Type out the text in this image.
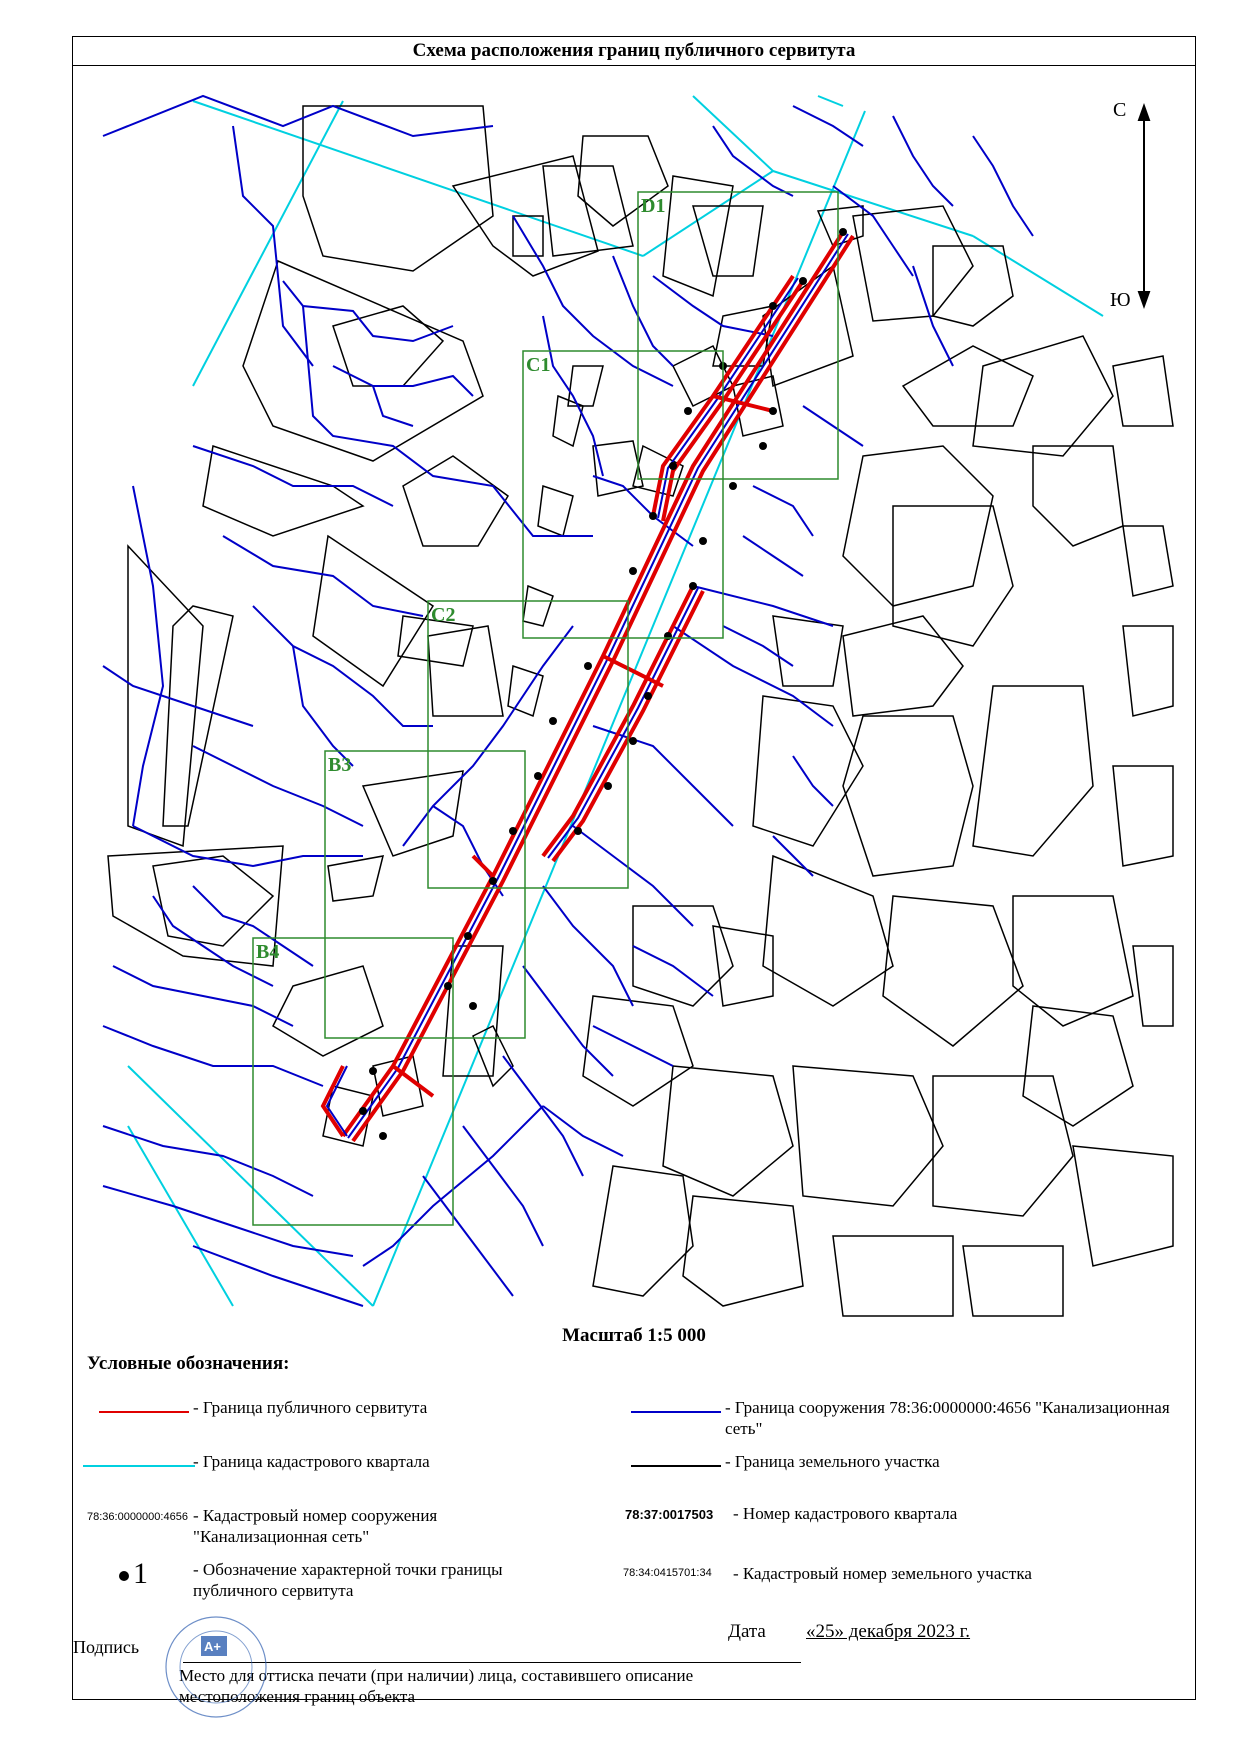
Схема расположения границ публичного сервитута
D1
C1
C2
B3
B4
С
Ю
Масштаб 1:5 000
Условные обозначения:
- Граница публичного сервитута	- Граница сооружения 78:36:0000000:4656 "Канализационная сеть"
- Граница кадастрового квартала	- Граница земельного участка
78:36:0000000:4656 - Кадастровый номер сооружения "Канализационная сеть"
78:37:0017503 - Номер кадастрового квартала
1	- Обозначение характерной точки границы публичного сервитута
78:34:0415701:34 - Кадастровый номер земельного участка
Дата «25» декабря 2023 г.
Подпись
Место для оттиска печати (при наличии) лица, составившего описание местоположения границ объекта
A+
